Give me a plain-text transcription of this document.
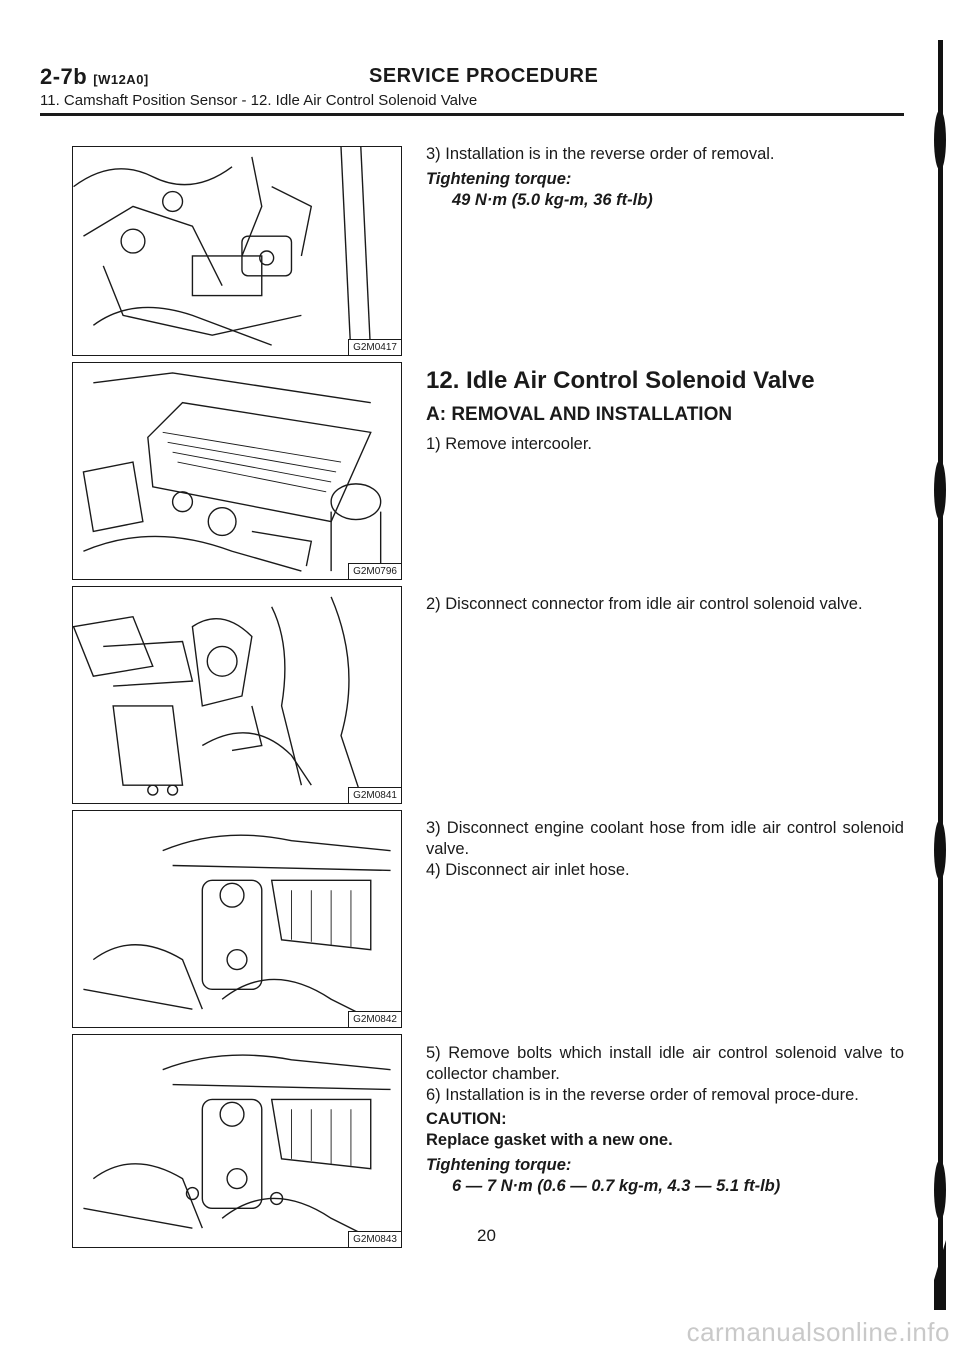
2-7b [W12A0]	SERVICE PROCEDURE
11. Camshaft Position Sensor - 12. Idle Air Control Solenoid Valve
G2M0417
G2M0796
G2M0841
G2M0842
G2M0843
3) Installation is in the reverse order of removal.
Tightening torque:
49 N·m (5.0 kg-m, 36 ft-lb)
12. Idle Air Control Solenoid Valve
A: REMOVAL AND INSTALLATION
1) Remove intercooler.
2) Disconnect connector from idle air control solenoid valve.
3) Disconnect engine coolant hose from idle air control solenoid valve.
4) Disconnect air inlet hose.
5) Remove bolts which install idle air control solenoid valve to collector chamber.
6) Installation is in the reverse order of removal proce-dure.
CAUTION:
Replace gasket with a new one.
Tightening torque:
6 — 7 N·m (0.6 — 0.7 kg-m, 4.3 — 5.1 ft-lb)
20
carmanualsonline.info
